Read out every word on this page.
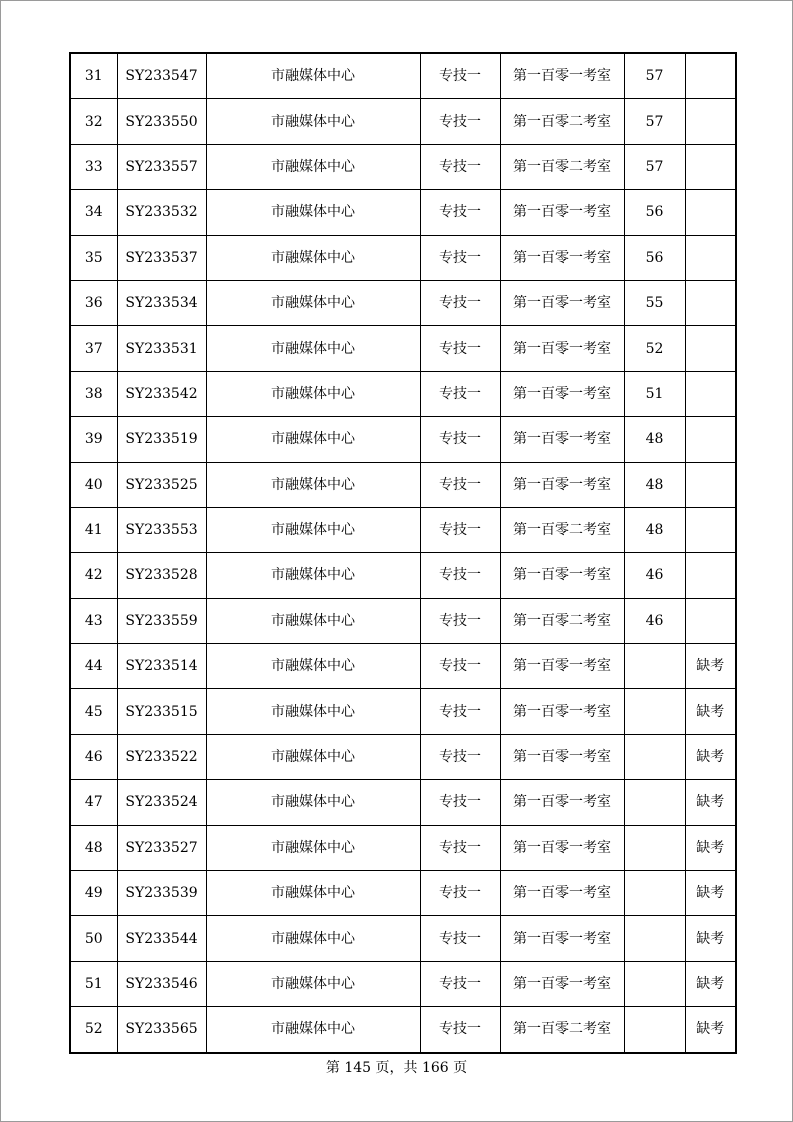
31	SY233547	市融媒体中心	专技一	第一百零一考室	57	
32	SY233550	市融媒体中心	专技一	第一百零二考室	57	
33	SY233557	市融媒体中心	专技一	第一百零二考室	57	
34	SY233532	市融媒体中心	专技一	第一百零一考室	56	
35	SY233537	市融媒体中心	专技一	第一百零一考室	56	
36	SY233534	市融媒体中心	专技一	第一百零一考室	55	
37	SY233531	市融媒体中心	专技一	第一百零一考室	52	
38	SY233542	市融媒体中心	专技一	第一百零一考室	51	
39	SY233519	市融媒体中心	专技一	第一百零一考室	48	
40	SY233525	市融媒体中心	专技一	第一百零一考室	48	
41	SY233553	市融媒体中心	专技一	第一百零二考室	48	
42	SY233528	市融媒体中心	专技一	第一百零一考室	46	
43	SY233559	市融媒体中心	专技一	第一百零二考室	46	
44	SY233514	市融媒体中心	专技一	第一百零一考室		缺考
45	SY233515	市融媒体中心	专技一	第一百零一考室		缺考
46	SY233522	市融媒体中心	专技一	第一百零一考室		缺考
47	SY233524	市融媒体中心	专技一	第一百零一考室		缺考
48	SY233527	市融媒体中心	专技一	第一百零一考室		缺考
49	SY233539	市融媒体中心	专技一	第一百零一考室		缺考
50	SY233544	市融媒体中心	专技一	第一百零一考室		缺考
51	SY233546	市融媒体中心	专技一	第一百零一考室		缺考
52	SY233565	市融媒体中心	专技一	第一百零二考室		缺考
第 145 页，共 166 页
